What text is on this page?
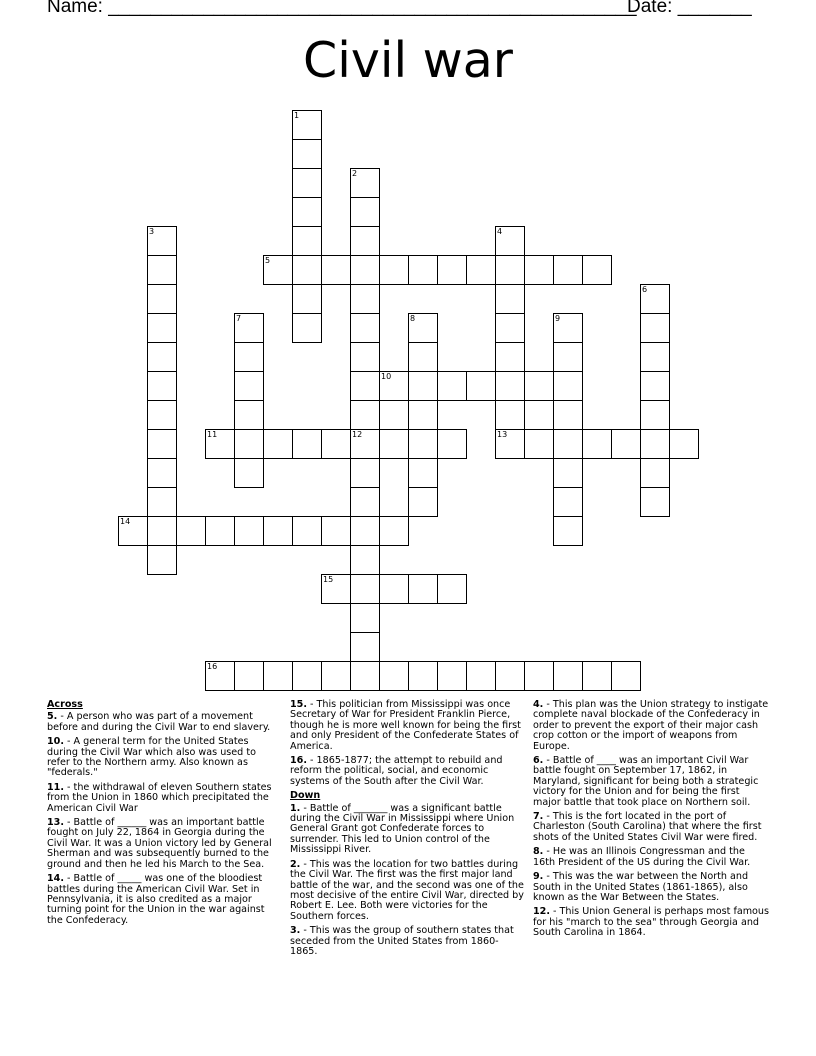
Name: __________________________________________________
Date: _______
Civil war
1
2
3	4
5
6
7	8	9
10
11	12	13
14
15
16
Across
5. - A person who was part of a movement before and during the Civil War to end slavery.
10. - A general term for the United States during the Civil War which also was used to refer to the Northern army. Also known as "federals."
11. - the withdrawal of eleven Southern states from the Union in 1860 which precipitated the American Civil War
13. - Battle of ______ was an important battle fought on July 22, 1864 in Georgia during the Civil War. It was a Union victory led by General Sherman and was subsequently burned to the ground and then he led his March to the Sea.
14. - Battle of _____ was one of the bloodiest battles during the American Civil War. Set in Pennsylvania, it is also credited as a major turning point for the Union in the war against the Confederacy.
15. - This politician from Mississippi was once Secretary of War for President Franklin Pierce, though he is more well known for being the first and only President of the Confederate States of America.
16. - 1865-1877; the attempt to rebuild and reform the political, social, and economic systems of the South after the Civil War.
Down
1. - Battle of _______ was a significant battle during the Civil War in Mississippi where Union General Grant got Confederate forces to surrender. This led to Union control of the Mississippi River.
2. - This was the location for two battles during the Civil War. The first was the first major land battle of the war, and the second was one of the most decisive of the entire Civil War, directed by Robert E. Lee. Both were victories for the Southern forces.
3. - This was the group of southern states that seceded from the United States from 1860-1865.
4. - This plan was the Union strategy to instigate complete naval blockade of the Confederacy in order to prevent the export of their major cash crop cotton or the import of weapons from Europe.
6. - Battle of ____ was an important Civil War battle fought on September 17, 1862, in Maryland, significant for being both a strategic victory for the Union and for being the first major battle that took place on Northern soil.
7. - This is the fort located in the port of Charleston (South Carolina) that where the first shots of the United States Civil War were fired.
8. - He was an Illinois Congressman and the 16th President of the US during the Civil War.
9. - This was the war between the North and South in the United States (1861-1865), also known as the War Between the States.
12. - This Union General is perhaps most famous for his "march to the sea" through Georgia and South Carolina in 1864.
